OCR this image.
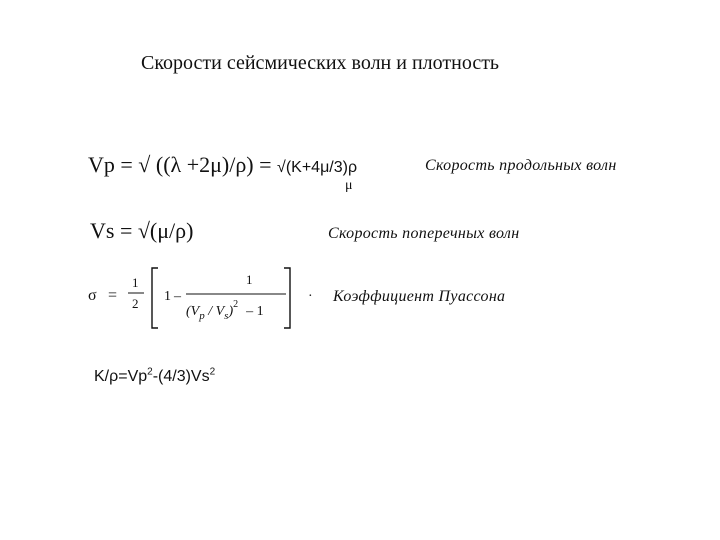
Скорости сейсмических волн и плотность
Vp = √ ((λ +2μ)/ρ) = √(K+4μ/3)ρ
μ
Скорость продольных волн
Vs = √(μ/ρ)	Скорость поперечных волн
σ =
1
2 1 –
1
$(V_p / V_s)^2 - 1$
· Коэффициент Пуассона
$K/\rho=Vp^2-(4/3)Vs^2$
